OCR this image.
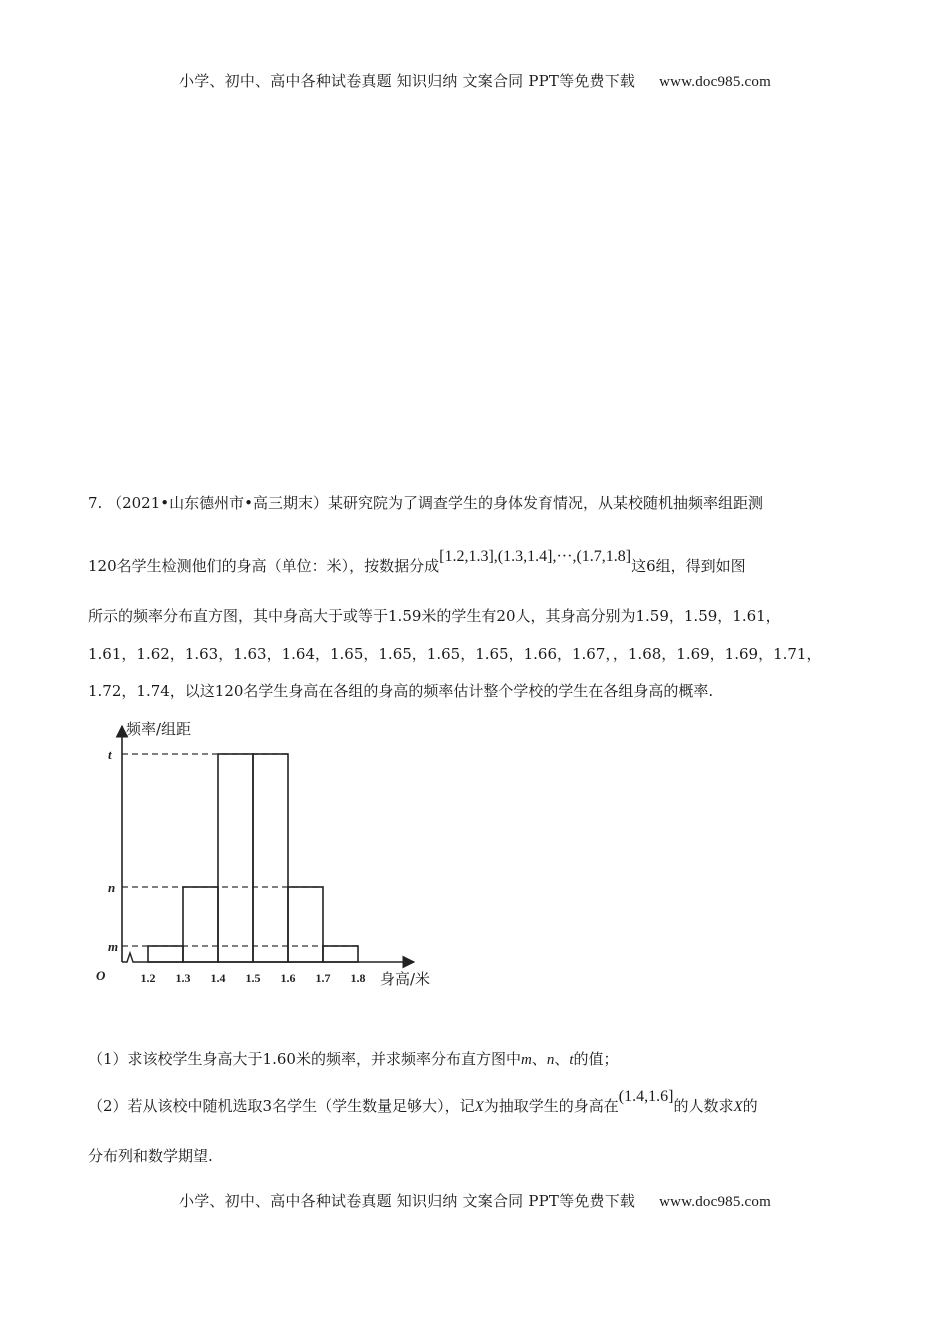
小学、初中、高中各种试卷真题 知识归纳 文案合同 PPT等免费下载 www.doc985.com
7. （2021•山东德州市•高三期末）某研究院为了调查学生的身体发育情况，从某校随机抽频率组距测
120名学生检测他们的身高（单位：米），按数据分成[1.2,1.3],(1.3,1.4],···,(1.7,1.8]这6组，得到如图
所示的频率分布直方图，其中身高大于或等于1.59米的学生有20人，其身高分别为1.59，1.59，1.61，
1.61，1.62，1.63，1.63，1.64，1.65，1.65，1.65，1.65，1.66，1.67，，1.68，1.69，1.69，1.71，
1.72，1.74，以这120名学生身高在各组的身高的频率估计整个学校的学生在各组身高的概率.
t
n
m
1.2 1.3 1.4 1.5 1.6 1.7 1.8
O
频率/组距
身高/米
（1）求该校学生身高大于1.60米的频率，并求频率分布直方图中m、n、t的值；
（2）若从该校中随机选取3名学生（学生数量足够大），记X为抽取学生的身高在(1.4,1.6]的人数求X的
分布列和数学期望.
小学、初中、高中各种试卷真题 知识归纳 文案合同 PPT等免费下载 www.doc985.com
